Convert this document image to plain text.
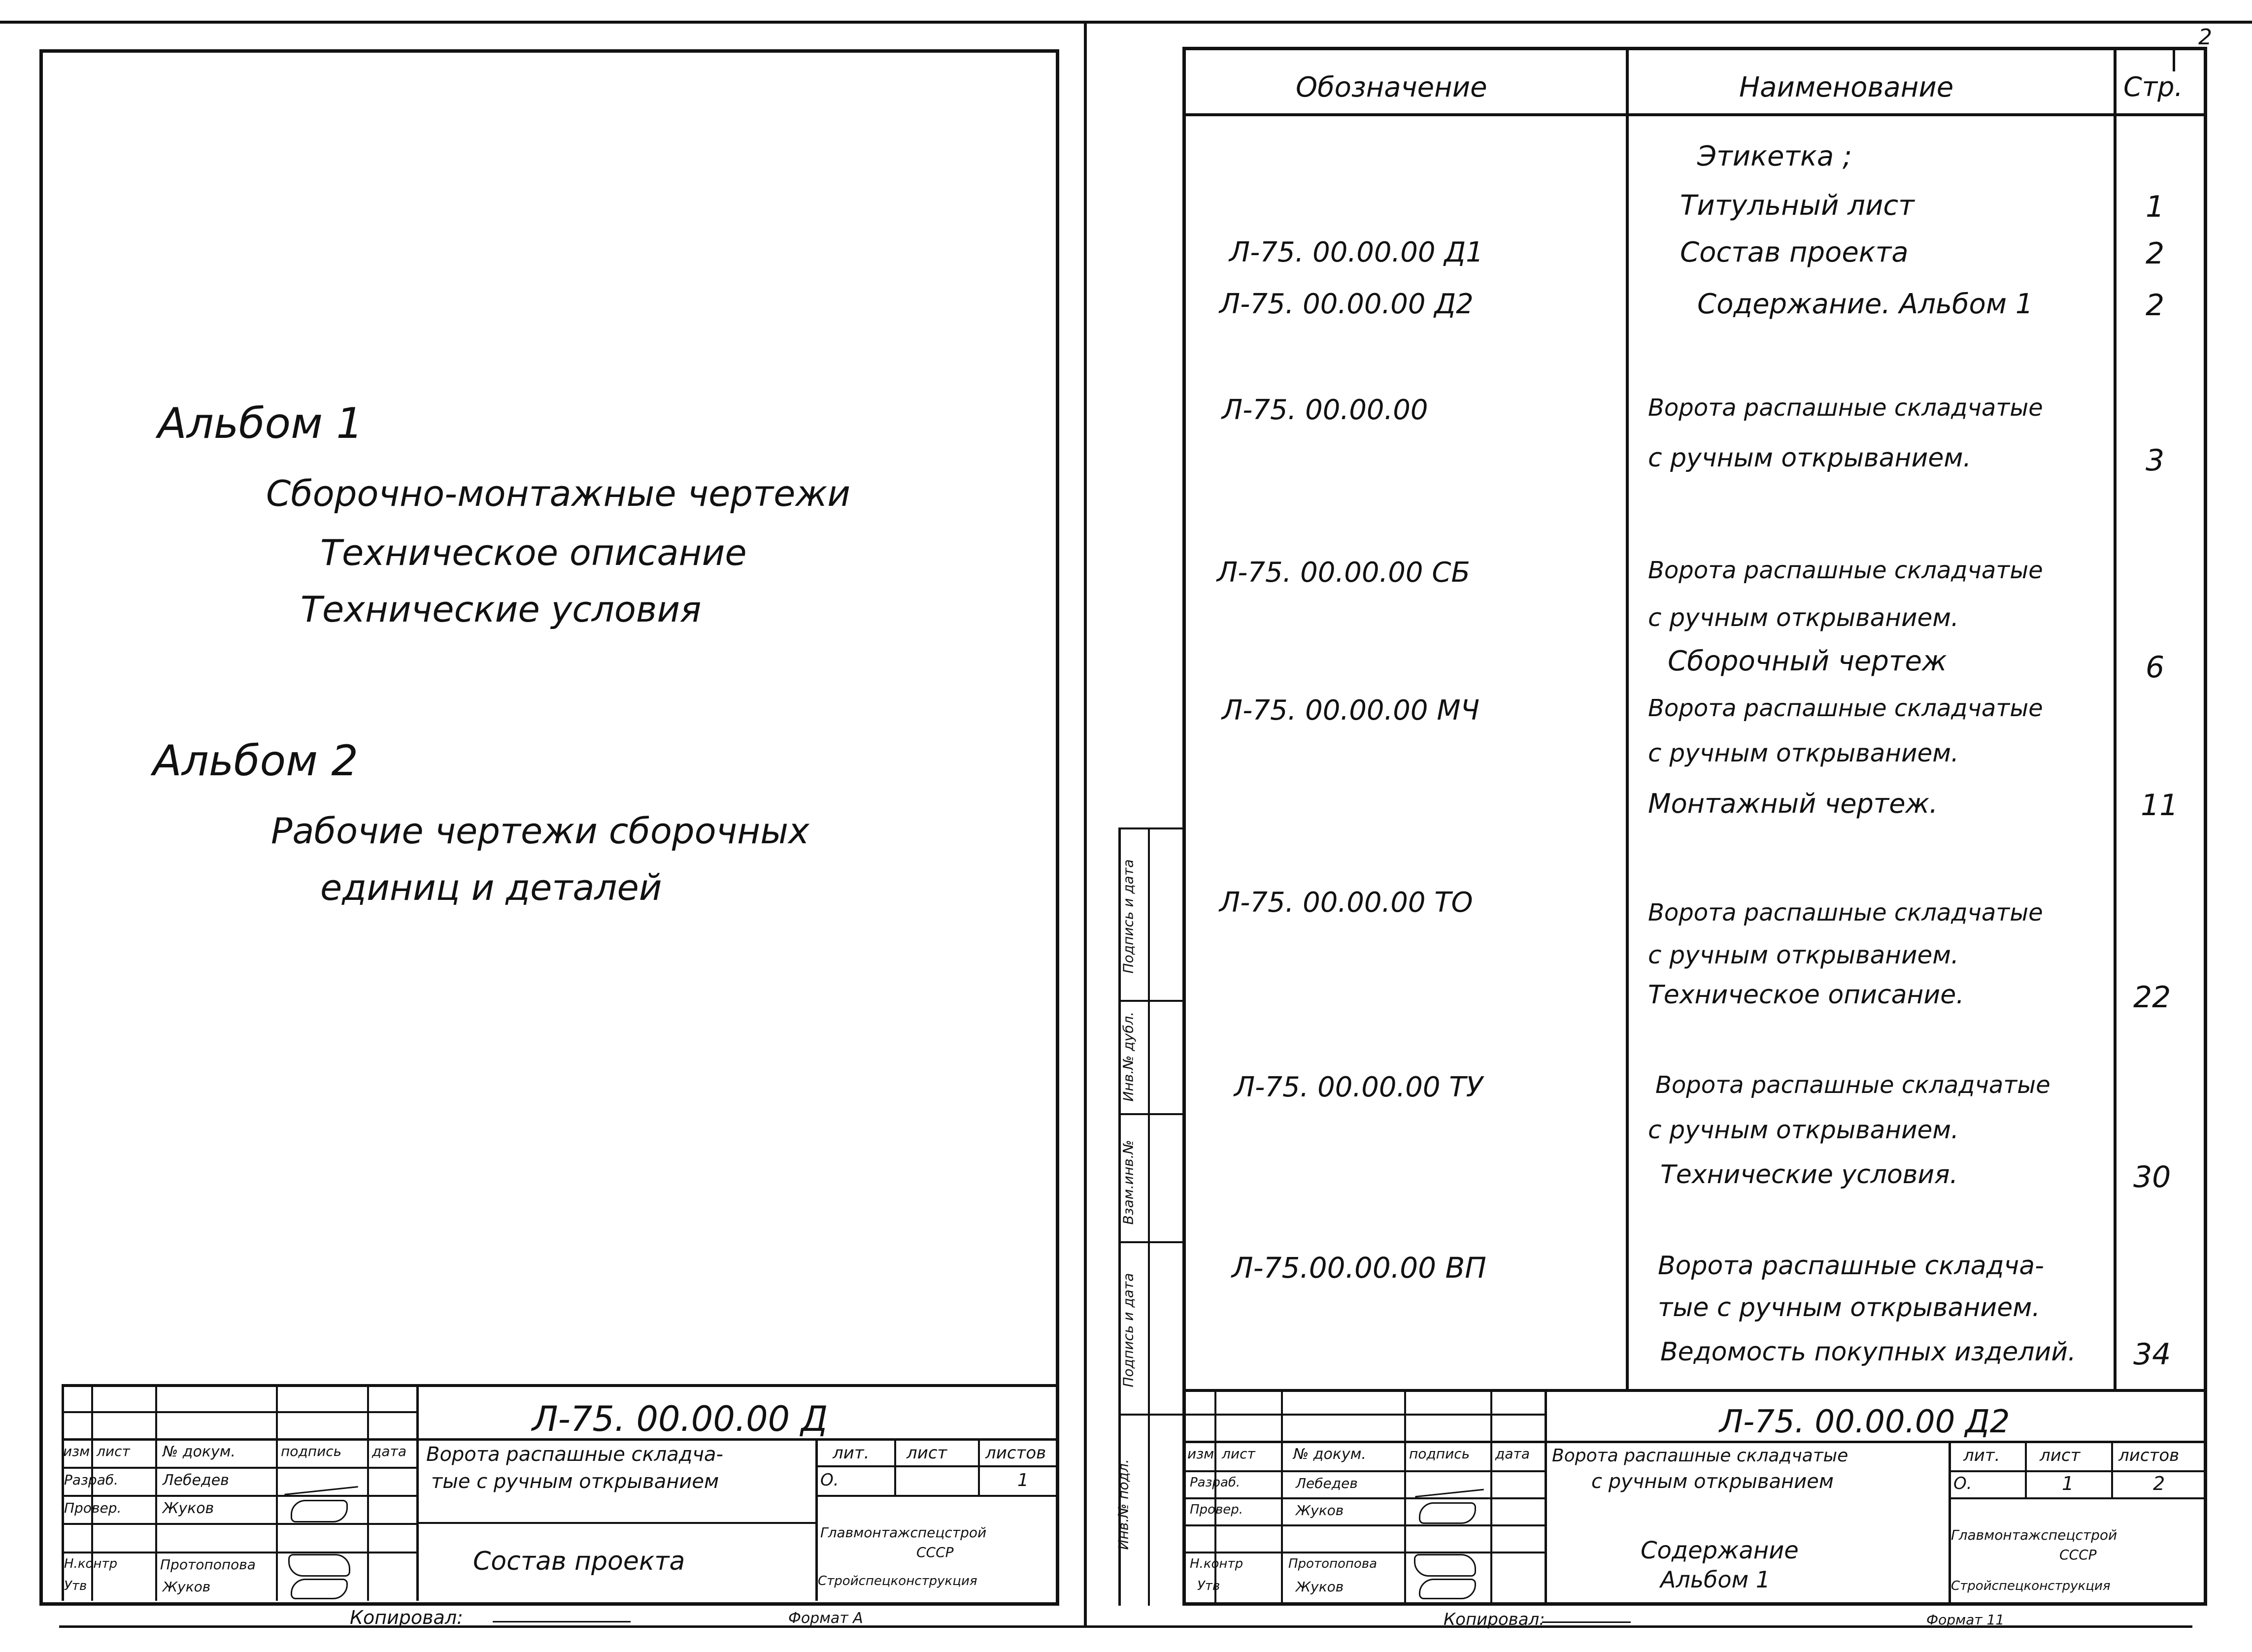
2
Альбом 1
Сборочно-монтажные чертежи
Техническое описание
Технические условия
Альбом 2
Рабочие чертежи сборочных
единиц и деталей
Л-75. 00.00.00 Д
изм лист № докум.	подпись дата
Разраб.
Провер.
Н.контр
Утв
Лебедев
Жуков
Протопопова
Жуков
Ворота распашные складча-
тые с ручным открыванием
Состав проекта
лит. лист листов
О.	1
Главмонтажспецстрой
СССР
Стройспецконструкция
Копировал:	Формат А
Обозначение	Наименование	Стр.
Этикетка ;
Титульный лист	1
Л-75. 00.00.00 Д1	Состав проекта	2
Л-75. 00.00.00 Д2	Содержание. Альбом 1	2
Л-75. 00.00.00	Ворота распашные складчатые
с ручным открыванием.	3
Л-75. 00.00.00 СБ	Ворота распашные складчатые
с ручным открыванием.
Сборочный чертеж	6
Л-75. 00.00.00 МЧ	Ворота распашные складчатые
с ручным открыванием.
Монтажный чертеж.	11
Л-75. 00.00.00 ТО	Ворота распашные складчатые
с ручным открыванием.
Техническое описание.	22
Л-75. 00.00.00 ТУ	Ворота распашные складчатые
с ручным открыванием.
Технические условия.	30
Л-75.00.00.00 ВП	Ворота распашные складча-
тые с ручным открыванием.
Ведомость покупных изделий. 34
Инв.№ подл.
Подпись и дата
Взам.инв.№
Инв.№ дубл.
Подпись и дата
Л-75. 00.00.00 Д2
изм лист	№ докум.	подпись дата
Разраб.
Провер.
Н.контр
Утв
Лебедев
Жуков
Протопопова
Жуков
Ворота распашные складчатые
с ручным открыванием
Содержание
Альбом 1
лит. лист листов
О.	1	2
Главмонтажспецстрой
СССР
Стройспецконструкция
Копировал:	Формат 11
